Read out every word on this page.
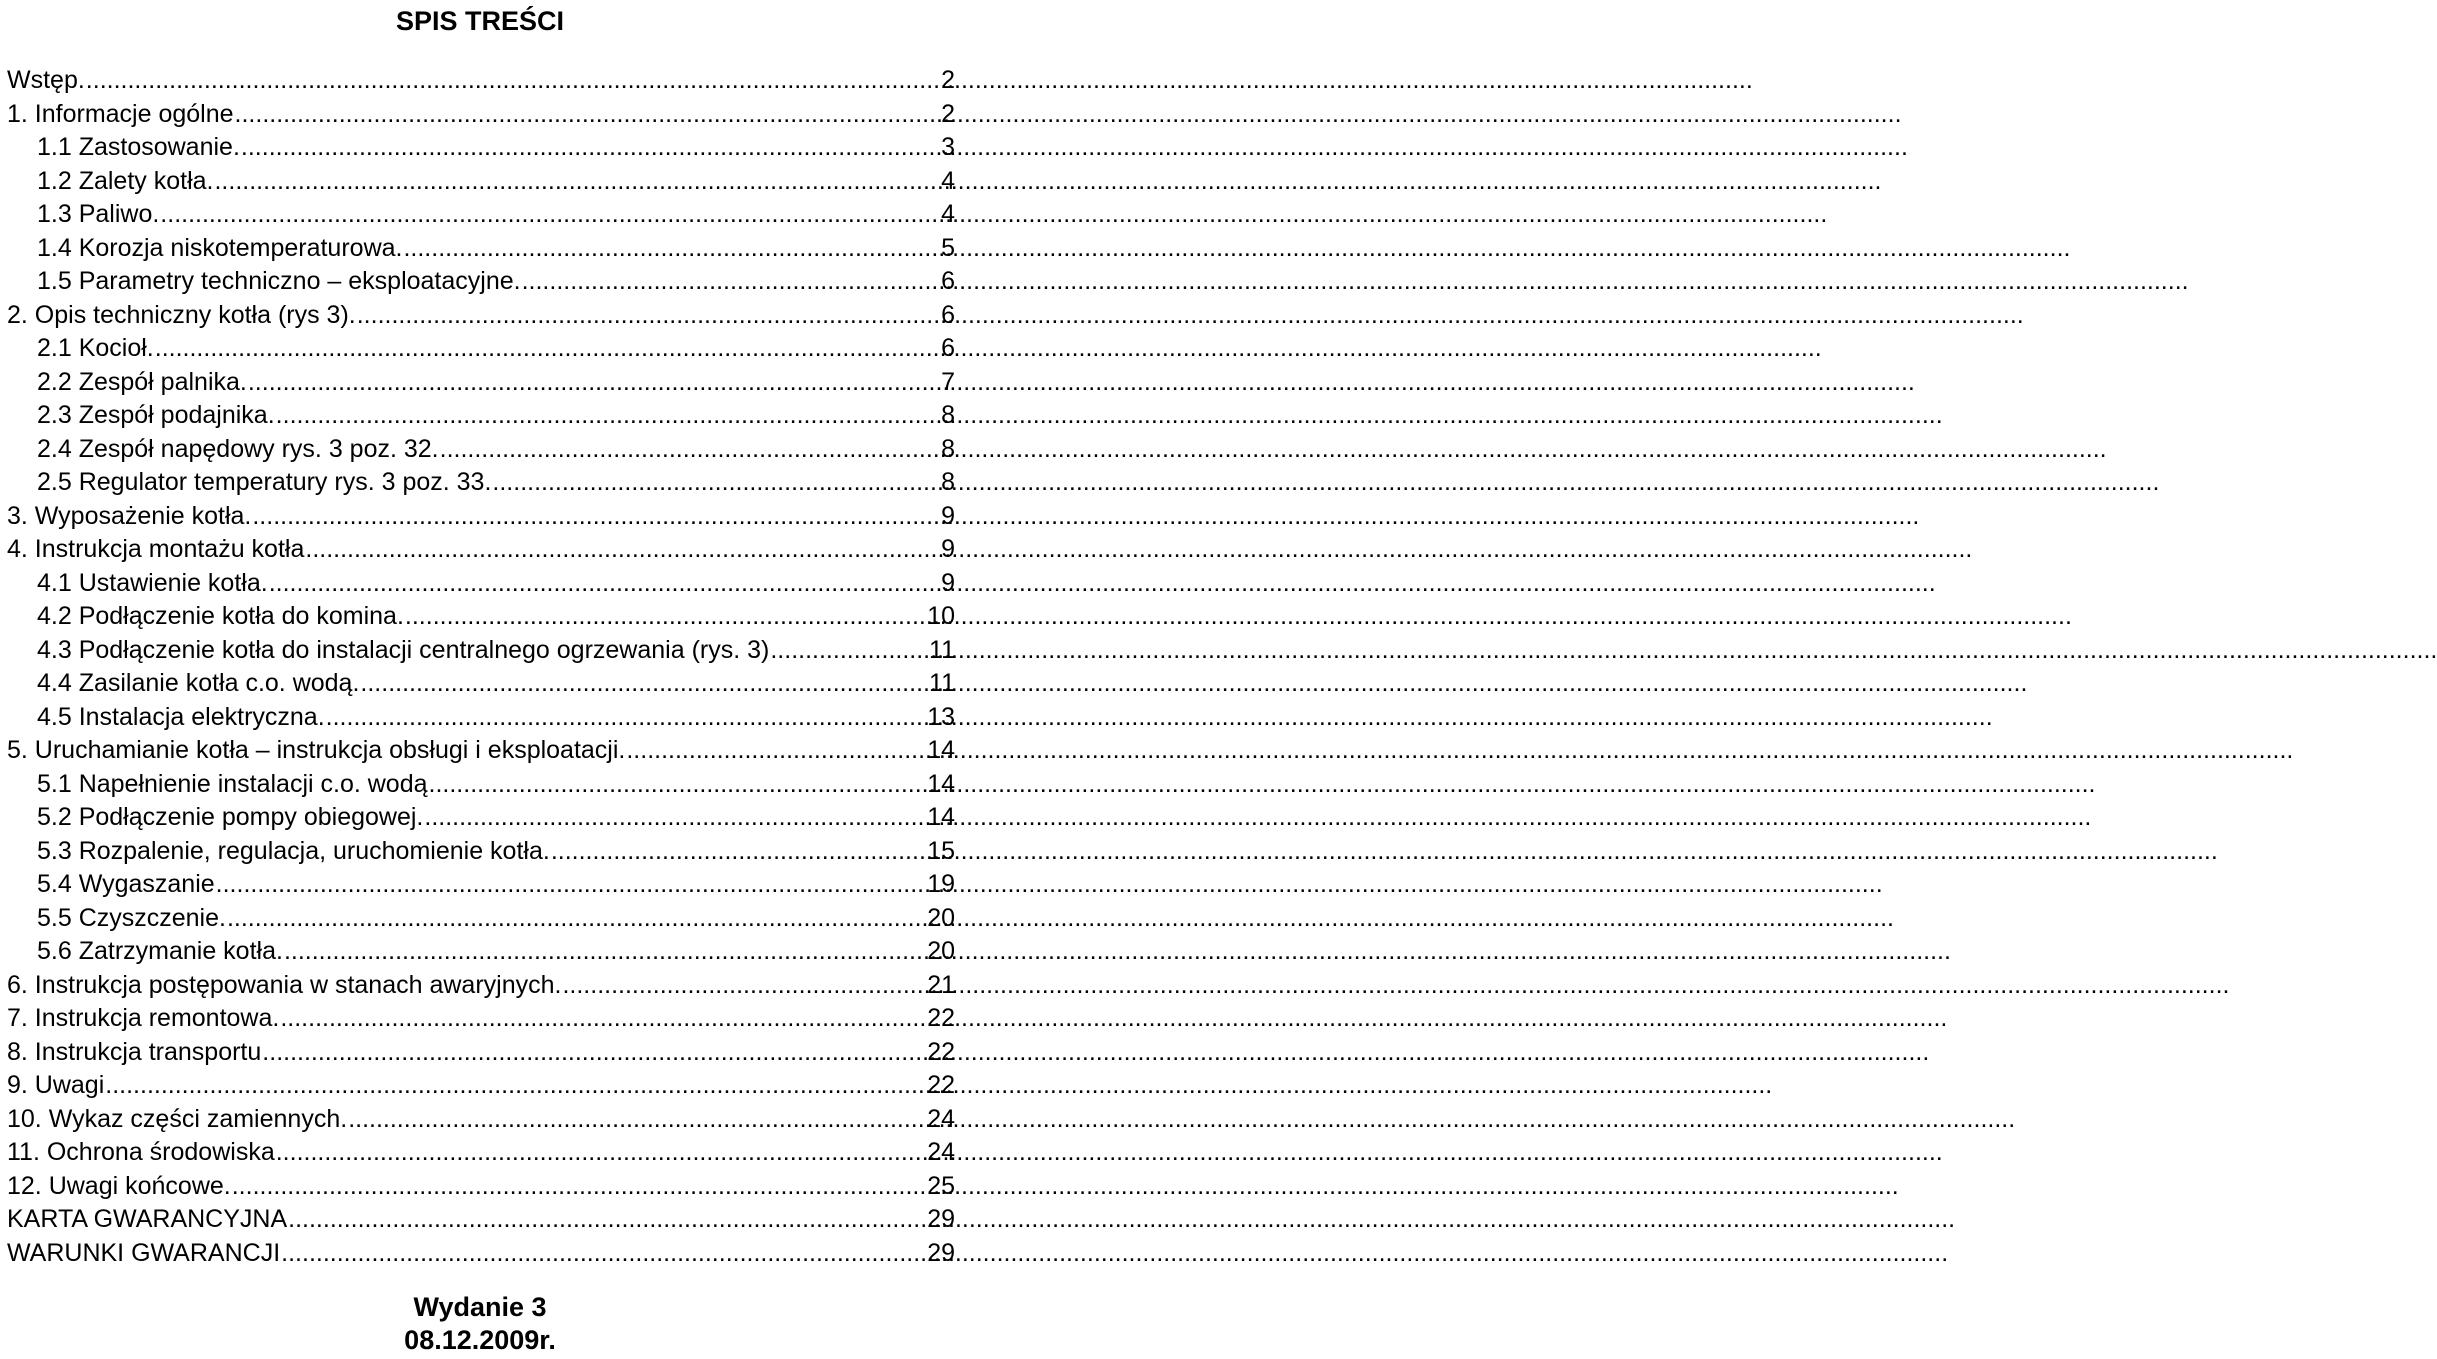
SPIS TREŚCI
Wstęp. .....	2
1. Informacje ogólne .....	2
1.1 Zastosowanie. .....	3
1.2 Zalety kotła. .....	4
1.3 Paliwo. .....	4
1.4 Korozja niskotemperaturowa. .....	5
1.5 Parametry techniczno – eksploatacyjne. .....	6
2. Opis techniczny kotła (rys 3). .....	6
2.1 Kocioł. .....	6
2.2 Zespół palnika. .....	7
2.3 Zespół podajnika. .....	8
2.4 Zespół napędowy rys. 3 poz. 32. .....	8
2.5 Regulator temperatury rys. 3 poz. 33. .....	8
3. Wyposażenie kotła. .....	9
4. Instrukcja montażu kotła .....	9
4.1 Ustawienie kotła. .....	9
4.2 Podłączenie kotła do komina. .....	10
4.3 Podłączenie kotła do instalacji centralnego ogrzewania (rys. 3) .....	11
4.4 Zasilanie kotła c.o. wodą. .....	11
4.5 Instalacja elektryczna. .....	13
5. Uruchamianie kotła – instrukcja obsługi i eksploatacji. .....	14
5.1 Napełnienie instalacji c.o. wodą .....	14
5.2 Podłączenie pompy obiegowej. .....	14
5.3 Rozpalenie, regulacja, uruchomienie kotła. .....	15
5.4 Wygaszanie .....	19
5.5 Czyszczenie. .....	20
5.6 Zatrzymanie kotła. .....	20
6. Instrukcja postępowania w stanach awaryjnych. .....	21
7. Instrukcja remontowa. .....	22
8. Instrukcja transportu .....	22
9. Uwagi .....	22
10. Wykaz części zamiennych. .....	24
11. Ochrona środowiska .....	24
12. Uwagi końcowe. .....	25
KARTA GWARANCYJNA .....	29
WARUNKI GWARANCJI .....	29
Wydanie 3
08.12.2009r.
